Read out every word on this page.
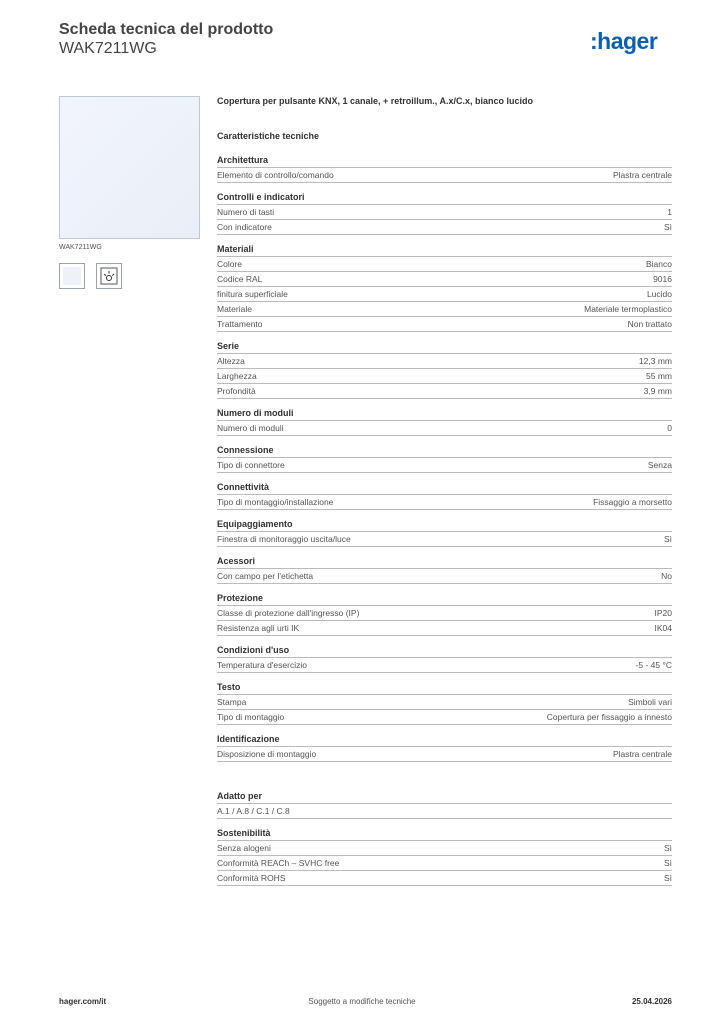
Scheda tecnica del prodotto
WAK7211WG	:hager
WAK7211WG
Copertura per pulsante KNX, 1 canale, + retroillum., A.x/C.x, bianco lucido
Caratteristiche tecniche
Architettura
Elemento di controllo/comando	Plastra centrale
Controlli e indicatori
Numero di tasti	1
Con indicatore	Sì
Materiali
Colore	Bianco
Codice RAL	9016
finitura superficiale	Lucido
Materiale	Materiale termoplastico
Trattamento	Non trattato
Serie
Altezza	12,3 mm
Larghezza	55 mm
Profondità	3,9 mm
Numero di moduli
Numero di moduli	0
Connessione
Tipo di connettore	Senza
Connettività
Tipo di montaggio/installazione	Fissaggio a morsetto
Equipaggiamento
Finestra di monitoraggio uscita/luce	Sì
Acessori
Con campo per l'etichetta	No
Protezione
Classe di protezione dall'ingresso (IP)	IP20
Resistenza agli urti IK	IK04
Condizioni d'uso
Temperatura d'esercizio	-5 - 45 °C
Testo
Stampa	Simboli vari
Tipo di montaggio	Copertura per fissaggio a innesto
Identificazione
Disposizione di montaggio	Plastra centrale
Adatto per
A.1 / A.8 / C.1 / C.8
Sostenibilità
Senza alogeni	Sì
Conformità REACh – SVHC free	Sì
Conformità ROHS	Sì
hager.com/it	Soggetto a modifiche tecniche	25.04.2026
